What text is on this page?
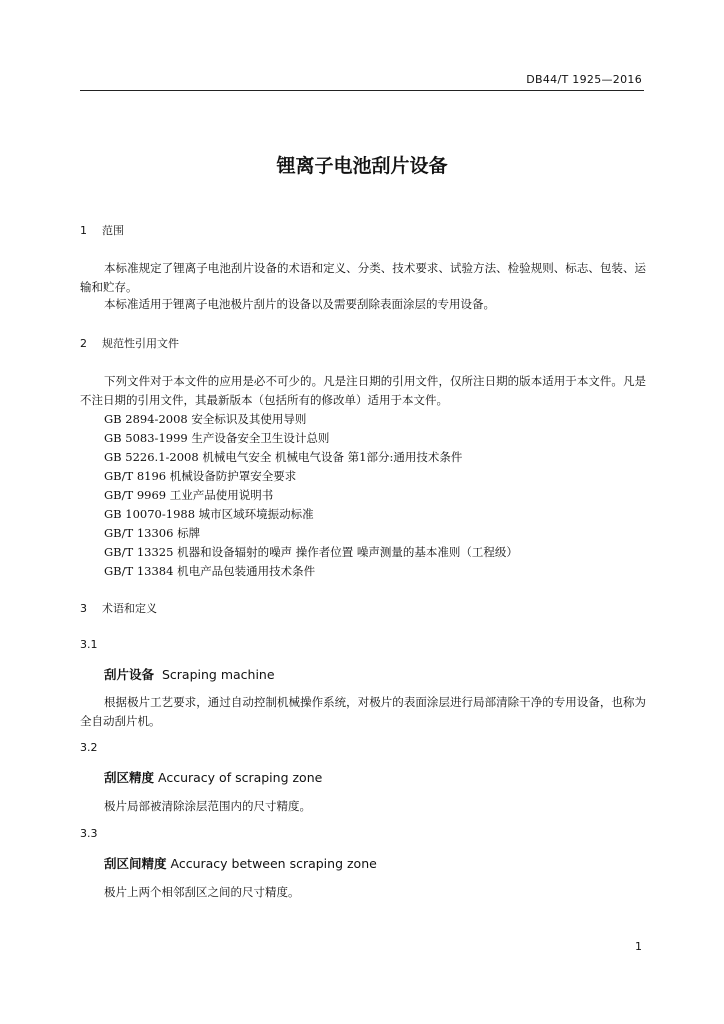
DB44/T 1925—2016
锂离子电池刮片设备
1 范围
本标准规定了锂离子电池刮片设备的术语和定义、分类、技术要求、试验方法、检验规则、标志、包装、运输和贮存。
本标准适用于锂离子电池极片刮片的设备以及需要刮除表面涂层的专用设备。
2 规范性引用文件
下列文件对于本文件的应用是必不可少的。凡是注日期的引用文件，仅所注日期的版本适用于本文件。凡是不注日期的引用文件，其最新版本（包括所有的修改单）适用于本文件。
GB 2894-2008 安全标识及其使用导则
GB 5083-1999 生产设备安全卫生设计总则
GB 5226.1-2008 机械电气安全 机械电气设备 第1部分:通用技术条件
GB/T 8196 机械设备防护罩安全要求
GB/T 9969 工业产品使用说明书
GB 10070-1988 城市区域环境振动标准
GB/T 13306 标牌
GB/T 13325 机器和设备辐射的噪声 操作者位置 噪声测量的基本准则（工程级）
GB/T 13384 机电产品包装通用技术条件
3 术语和定义
3.1
刮片设备 Scraping machine
根据极片工艺要求，通过自动控制机械操作系统，对极片的表面涂层进行局部清除干净的专用设备，也称为全自动刮片机。
3.2
刮区精度 Accuracy of scraping zone
极片局部被清除涂层范围内的尺寸精度。
3.3
刮区间精度 Accuracy between scraping zone
极片上两个相邻刮区之间的尺寸精度。
1
